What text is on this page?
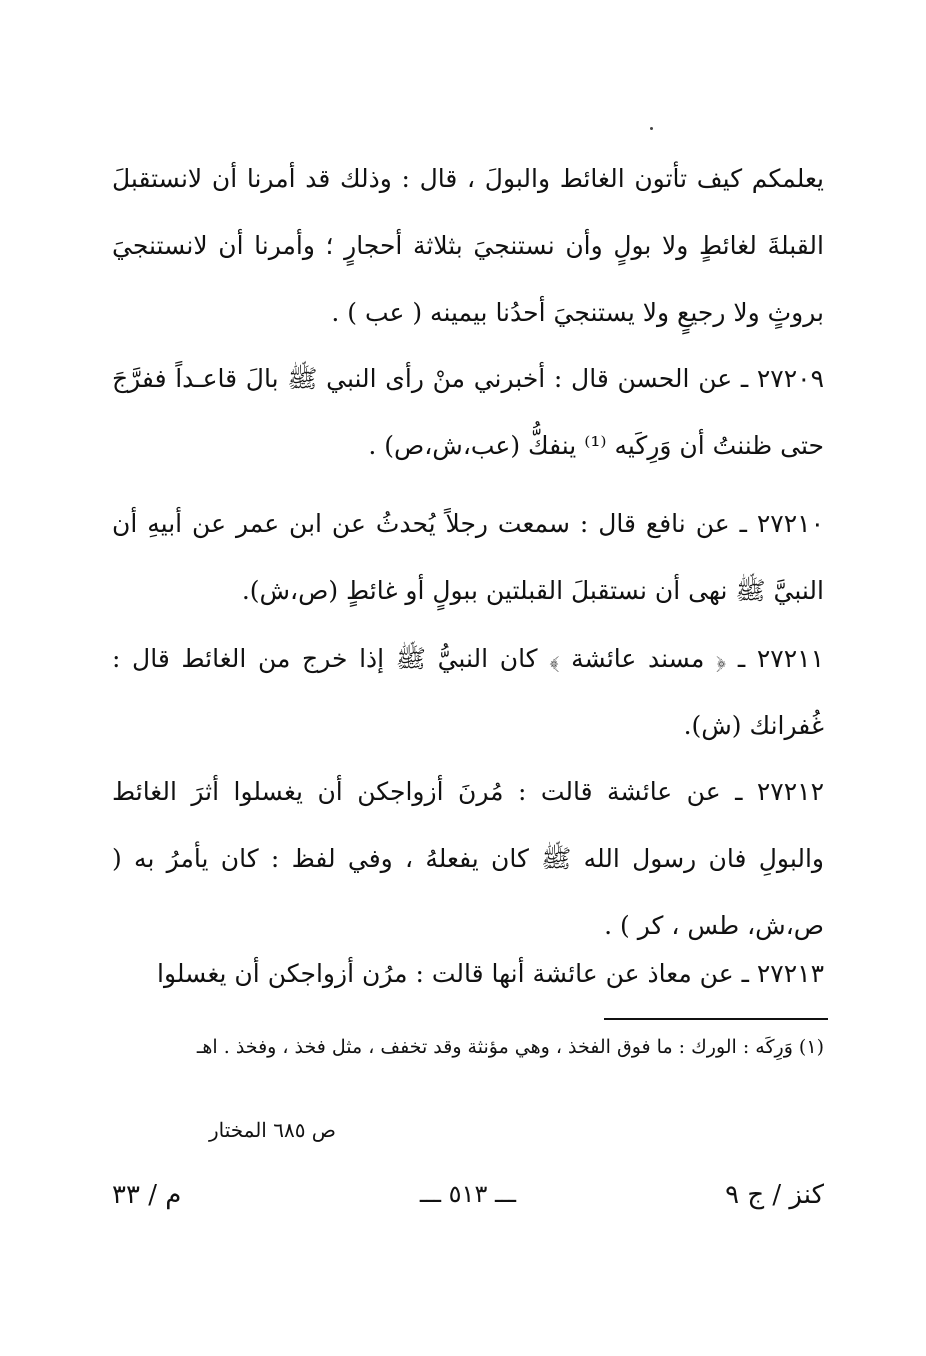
يعلمكم كيف تأتون الغائط والبولَ ، قال : وذلك قد أمرنا أن لانستقبلَ القبلةَ لغائطٍ ولا بولٍ وأن نستنجيَ بثلاثة أحجارٍ ؛ وأمرنا أن لانستنجيَ بروثٍ ولا رجيعٍ ولا يستنجيَ أحدُنا بيمينه ( عب ) .

٢٧٢٠٩ ـ عن الحسن قال : أخبرني منْ رأى النبي ﷺ بالَ قاعـداً ففرَّجَ حتى ظننتُ أن وَرِكَيه ⁽¹⁾ ينفكُّ (عب،ش،ص) .

٢٧٢١٠ ـ عن نافع قال : سمعت رجلاً يُحدثُ عن ابن عمر عن أبيهِ أن النبيَّ ﷺ نهى أن نستقبلَ القبلتين ببولٍ أو غائطٍ (ص،ش).

٢٧٢١١ ـ ﴿ مسند عائشة ﴾ كان النبيُّ ﷺ إذا خرج من الغائط قال : غُفرانك (ش).

٢٧٢١٢ ـ عن عائشة قالت : مُرنَ أزواجكن أن يغسلوا أثرَ الغائط والبولِ فان رسول الله ﷺ كان يفعلهُ ، وفي لفظ : كان يأمرُ به ( ص،ش، طس ، كر ) .

٢٧٢١٣ ـ عن معاذ عن عائشة أنها قالت : مرُن أزواجكن أن يغسلوا

(١) وَرِكَه : الورك : ما فوق الفخذ ، وهي مؤنثة وقد تخفف ، مثل فخذ ، وفخذ . اهـ

ص ٦٨٥ المختار

كنز / ج ٩
ـــ ٥١٣ ـــ
م / ٣٣
